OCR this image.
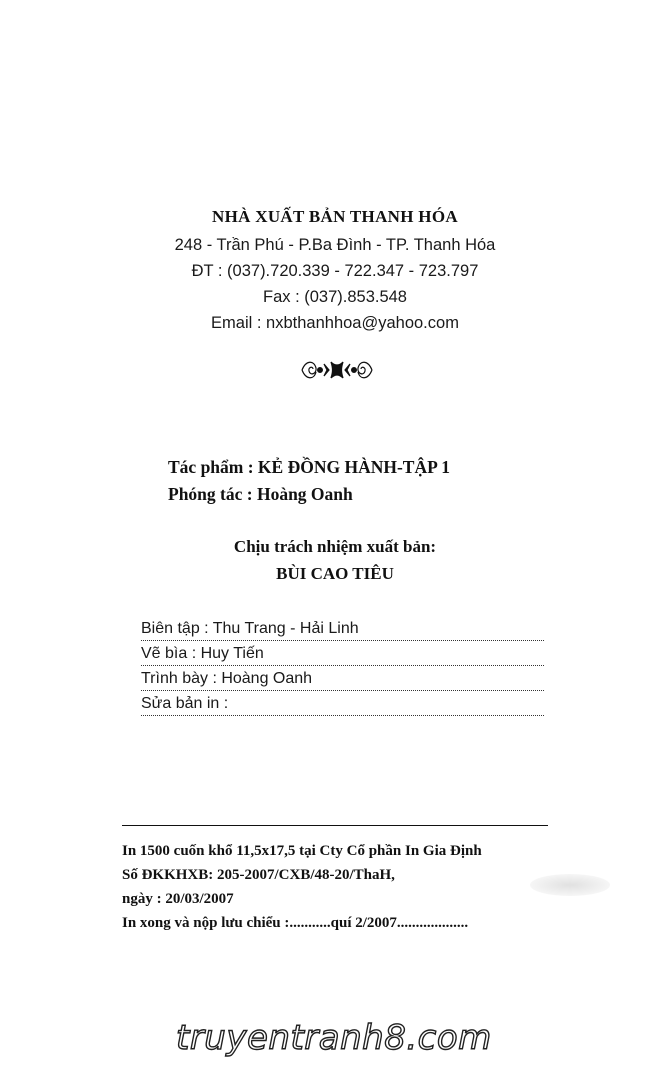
NHÀ XUẤT BẢN THANH HÓA
248 - Trần Phú - P.Ba Đình - TP. Thanh Hóa
ĐT : (037).720.339 - 722.347 - 723.797
Fax : (037).853.548
Email : nxbthanhhoa@yahoo.com
Tác phẩm : KẺ ĐỒNG HÀNH-TẬP 1
Phóng tác : Hoàng Oanh
Chịu trách nhiệm xuất bản:
BÙI CAO TIÊU
Biên tập : Thu Trang - Hải Linh
Vẽ bìa : Huy Tiến
Trình bày : Hoàng Oanh
Sửa bản in :
In 1500 cuốn khổ 11,5x17,5 tại Cty Cổ phần In Gia Định
Số ĐKKHXB: 205-2007/CXB/48-20/ThaH,
ngày : 20/03/2007
In xong và nộp lưu chiểu :...........quí 2/2007...................
truyentranh8.com
